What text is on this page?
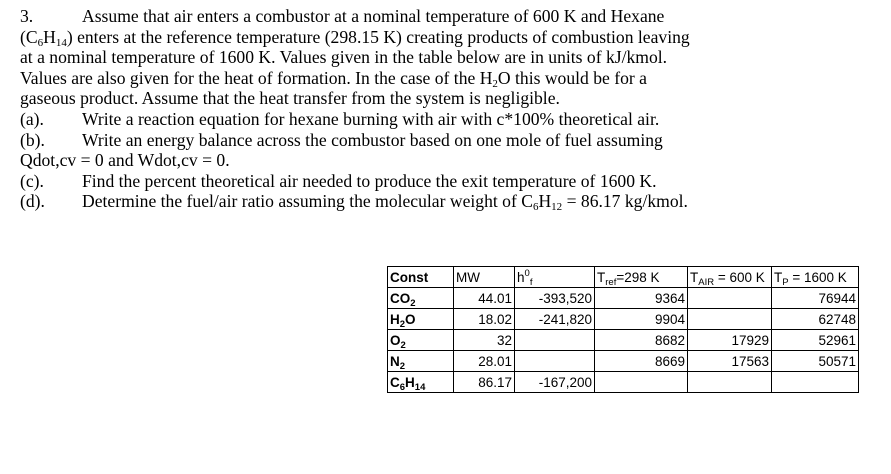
3.	Assume that air enters a combustor at a nominal temperature of 600 K and Hexane
$(C_6H_{14})$ enters at the reference temperature (298.15 K) creating products of combustion leaving
at a nominal temperature of 1600 K. Values given in the table below are in units of kJ/kmol.
Values are also given for the heat of formation. In the case of the $H_2O$ this would be for a
gaseous product. Assume that the heat transfer from the system is negligible.
(a). Write a reaction equation for hexane burning with air with c*100% theoretical air.
(b). Write an energy balance across the combustor based on one mole of fuel assuming
Qdot,cv = 0 and Wdot,cv = 0.
(c). Find the percent theoretical air needed to produce the exit temperature of 1600 K.
(d). Determine the fuel/air ratio assuming the molecular weight of $C_6H_{12} = 86.17$ kg/kmol.
Const	MW	$h^0_f$	$T_{ref}=298$ K	$T_{AIR} = 600$ K	$T_P = 1600$ K
$CO_2$	44.01	-393,520	9364		76944
$H_2O$	18.02	-241,820	9904		62748
$O_2$	32		8682	17929	52961
$N_2$	28.01		8669	17563	50571
$C_6H_{14}$	86.17	-167,200			
